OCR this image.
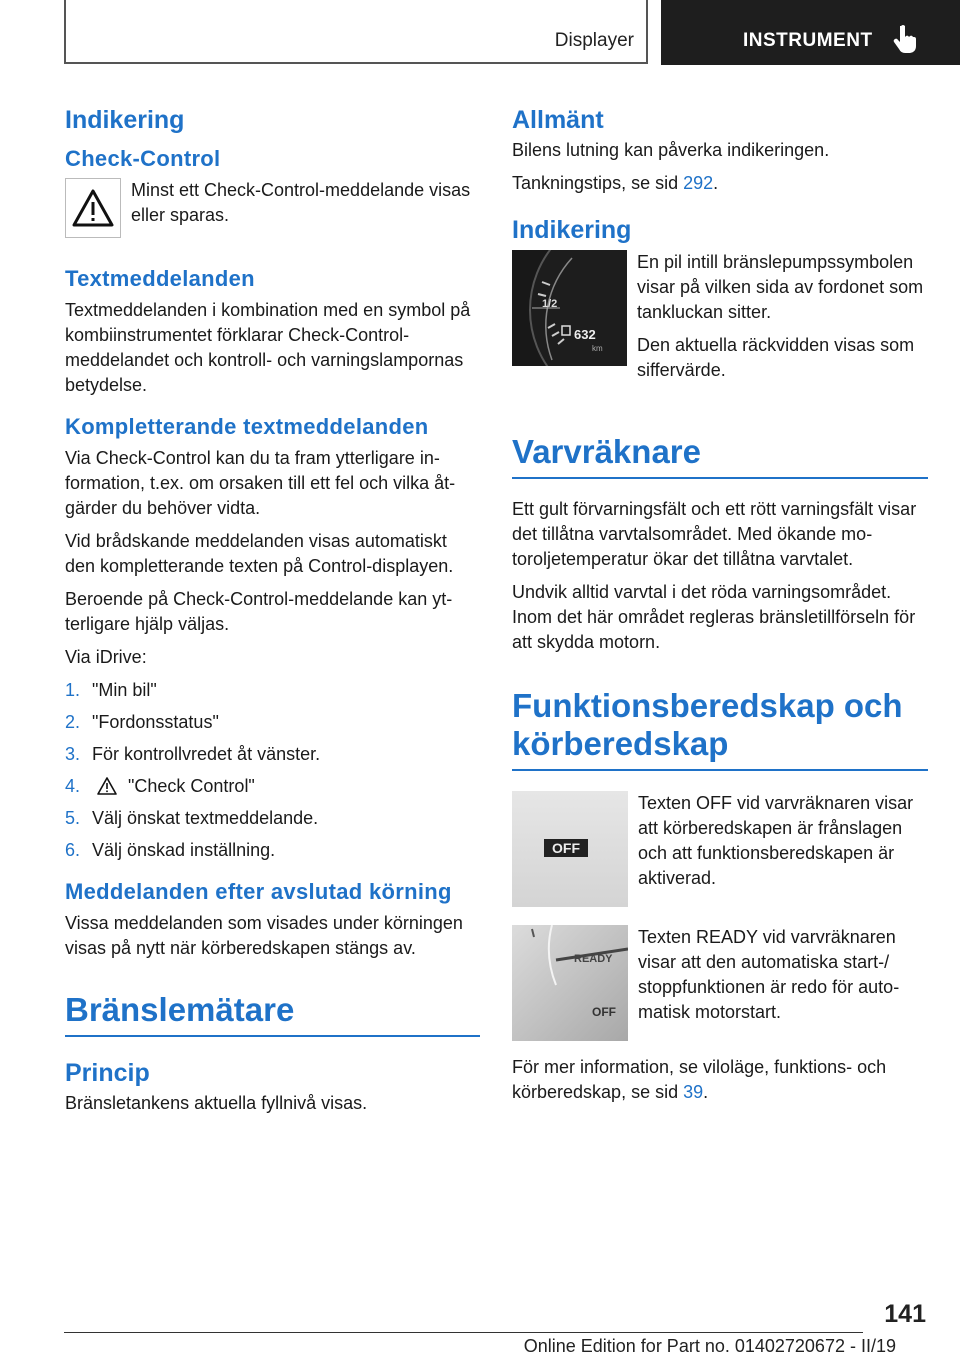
Displayer	INSTRUMENT
Indikering
Check-Control

Minst ett Check-Control-meddelande visas eller sparas.

Textmeddelanden

Textmeddelanden i kombination med en symbol på kombiinstrumentet förklarar Check-Control-meddelandet och kontroll- och varningslampornas betydelse.

Kompletterande textmeddelanden

Via Check-Control kan du ta fram ytterligare information, t.ex. om orsaken till ett fel och vilka åtgärder du behöver vidta.

Vid brådskande meddelanden visas automatiskt den kompletterande texten på Control-displayen.

Beroende på Check-Control-meddelande kan ytterligare hjälp väljas.

Via iDrive:

1. "Min bil"
2. "Fordonsstatus"
3. För kontrollvredet åt vänster.
4.	"Check Control"
5. Välj önskat textmeddelande.
6. Välj önskad inställning.
Meddelanden efter avslutad körning

Vissa meddelanden som visades under körningen visas på nytt när körberedskapen stängs av.

Bränslemätare
Princip

Bränsletankens aktuella fyllnivå visas.

Allmänt

Bilens lutning kan påverka indikeringen.

Tankningstips, se sid 292.

Indikering
1/2
632
km

En pil intill bränslepumpssymbolen visar på vilken sida av fordonet som tankluckan sitter.

Den aktuella räckvidden visas som siffervärde.

Varvräknare

Ett gult förvarningsfält och ett rött varningsfält visar det tillåtna varvtalsområdet. Med ökande motoroljetemperatur ökar det tillåtna varvtalet.

Undvik alltid varvtal i det röda varningsområdet. Inom det här området regleras bränsletillförseln för att skydda motorn.

Funktionsberedskap och körberedskap
OFF

Texten OFF vid varvräknaren visar att körberedskapen är frånslagen och att funktionsberedskapen är aktiverad.

READY
OFF

Texten READY vid varvräknaren visar att den automatiska start-/ stoppfunktionen är redo för automatisk motorstart.

För mer information, se viloläge, funktions- och körberedskap, se sid 39.

141
Online Edition for Part no. 01402720672 - II/19
